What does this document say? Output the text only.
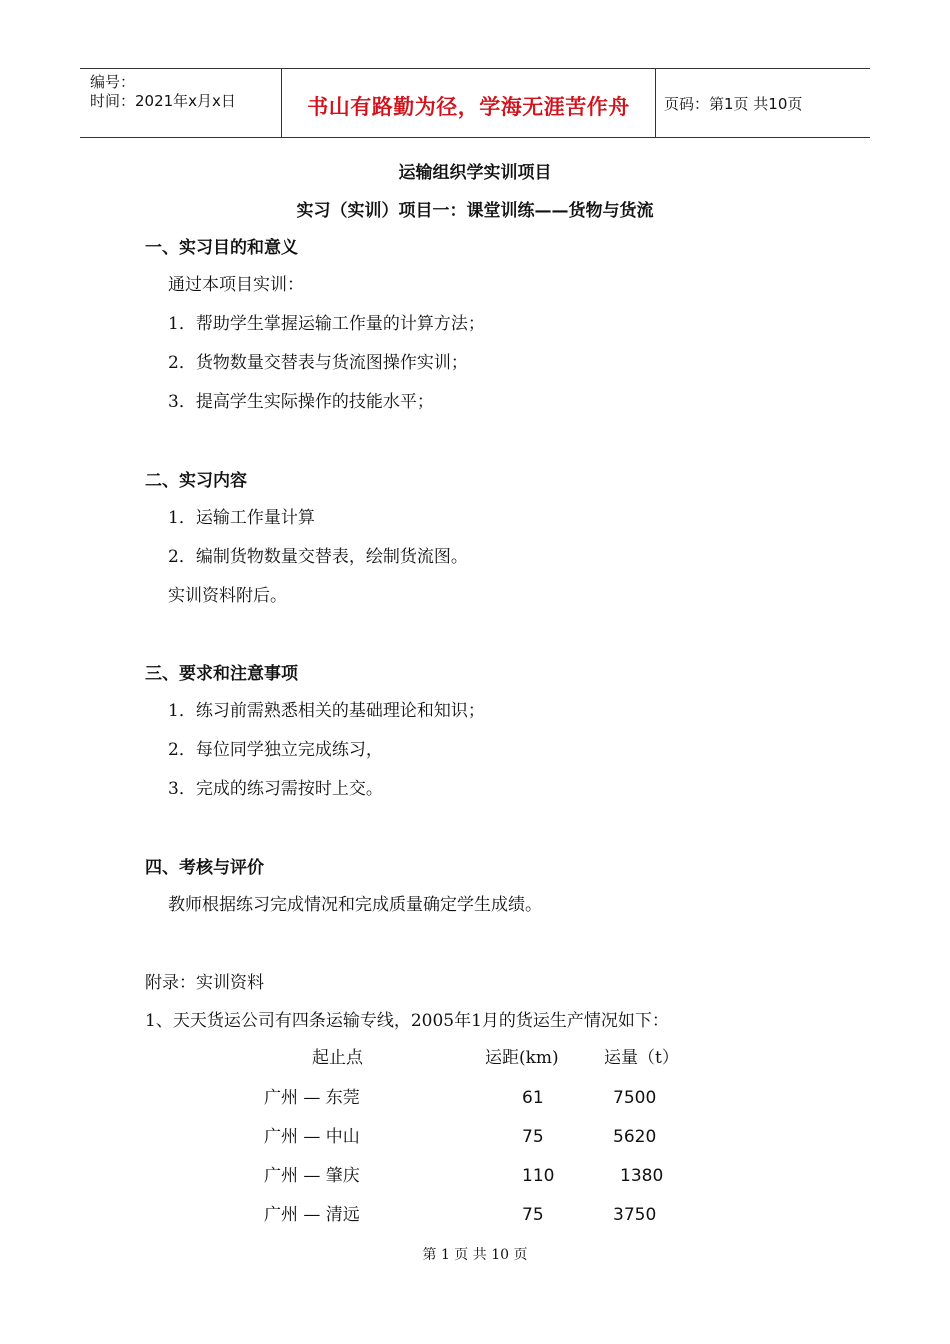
编号：
时间：2021年x月x日	书山有路勤为径，学海无涯苦作舟	页码：第1页 共10页
运输组织学实训项目
实习（实训）项目一：课堂训练——货物与货流
一、实习目的和意义
通过本项目实训：
1．帮助学生掌握运输工作量的计算方法；
2．货物数量交替表与货流图操作实训；
3．提高学生实际操作的技能水平；
二、实习内容
1．运输工作量计算
2．编制货物数量交替表，绘制货流图。
实训资料附后。
三、要求和注意事项
1．练习前需熟悉相关的基础理论和知识；
2．每位同学独立完成练习，
3．完成的练习需按时上交。
四、考核与评价
教师根据练习完成情况和完成质量确定学生成绩。
附录：实训资料
1、天天货运公司有四条运输专线，2005年1月的货运生产情况如下：
起止点	运距(km)	运量（t）
广州 — 东莞	61	7500
广州 — 中山	75	5620
广州 — 肇庆	110	1380
广州 — 清远	75	3750
第 1 页 共 10 页
